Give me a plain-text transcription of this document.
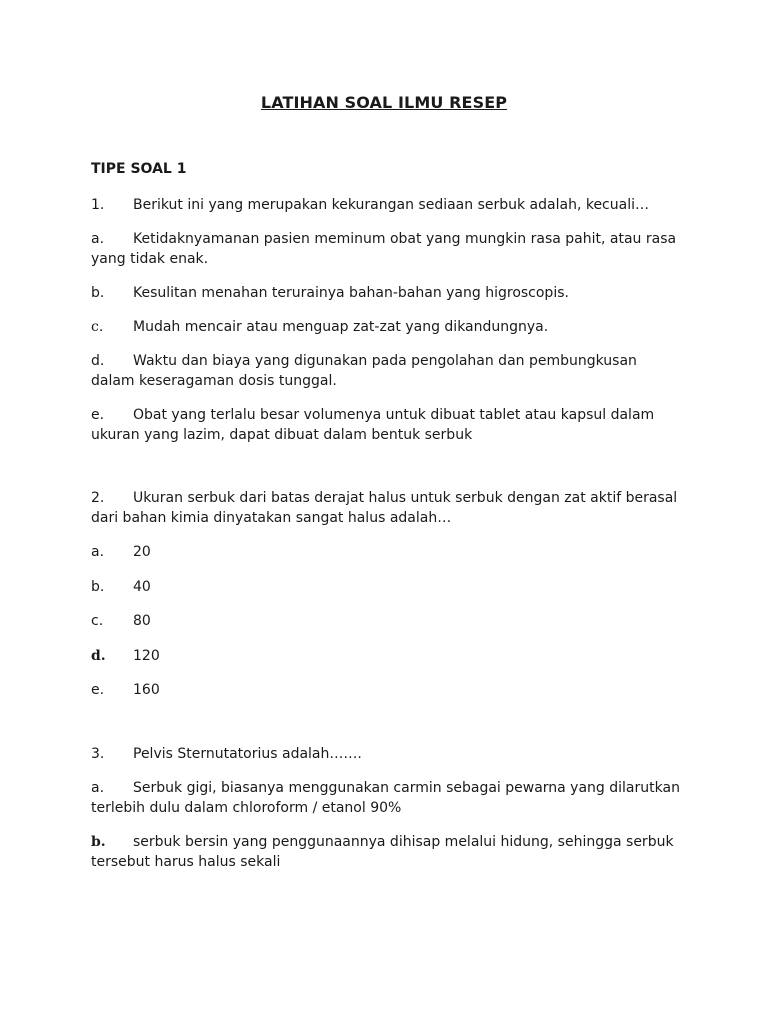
LATIHAN SOAL ILMU RESEP
TIPE SOAL 1
1. Berikut ini yang merupakan kekurangan sediaan serbuk adalah, kecuali…
a. Ketidaknyamanan pasien meminum obat yang mungkin rasa pahit, atau rasa yang tidak enak.
b. Kesulitan menahan terurainya bahan-bahan yang higroscopis.
c. Mudah mencair atau menguap zat-zat yang dikandungnya.
d. Waktu dan biaya yang digunakan pada pengolahan dan pembungkusan dalam keseragaman dosis tunggal.
e. Obat yang terlalu besar volumenya untuk dibuat tablet atau kapsul dalam ukuran yang lazim, dapat dibuat dalam bentuk serbuk
2. Ukuran serbuk dari batas derajat halus untuk serbuk dengan zat aktif berasal dari bahan kimia dinyatakan sangat halus adalah…
a. 20
b. 40
c. 80
d. 120
e. 160
3. Pelvis Sternutatorius adalah…….
a. Serbuk gigi, biasanya menggunakan carmin sebagai pewarna yang dilarutkan terlebih dulu dalam chloroform / etanol 90%
b. serbuk bersin yang penggunaannya dihisap melalui hidung, sehingga serbuk tersebut harus halus sekali
